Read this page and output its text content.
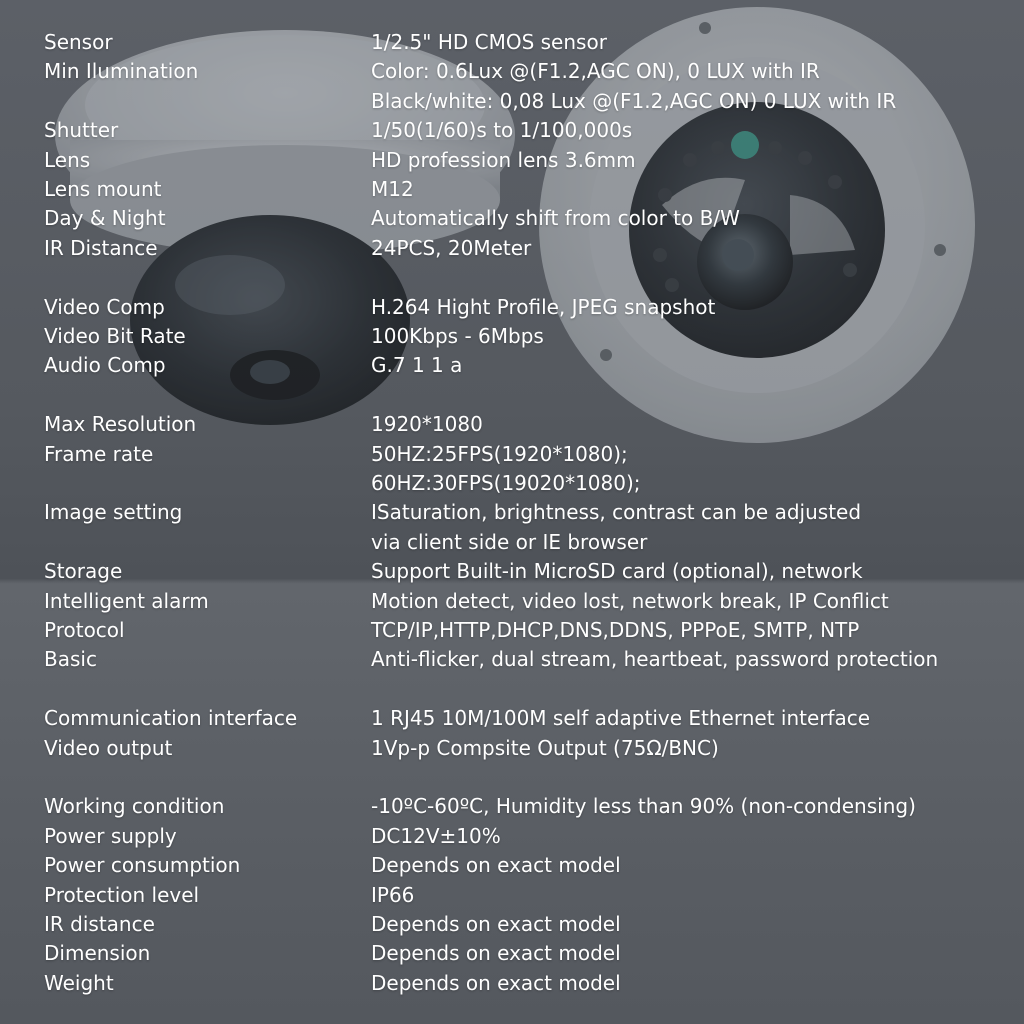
Sensor	1/2.5" HD CMOS sensor
Min Ilumination	Color: 0.6Lux @(F1.2,AGC ON), 0 LUX with IR
Black/white: 0,08 Lux @(F1.2,AGC ON) 0 LUX with IR
Shutter	1/50(1/60)s to 1/100,000s
Lens	HD profession lens 3.6mm
Lens mount	M12
Day & Night	Automatically shift from color to B/W
IR Distance	24PCS, 20Meter
Video Comp	H.264 Hight Profile, JPEG snapshot
Video Bit Rate	100Kbps - 6Mbps
Audio Comp	G.7 1 1 a
Max Resolution	1920*1080
Frame rate	50HZ:25FPS(1920*1080);
60HZ:30FPS(19020*1080);
Image setting	ISaturation, brightness, contrast can be adjusted
via client side or IE browser
Storage	Support Built-in MicroSD card (optional), network
Intelligent alarm	Motion detect, video lost, network break, IP Conflict
Protocol	TCP/IP,HTTP,DHCP,DNS,DDNS, PPPoE, SMTP, NTP
Basic	Anti-flicker, dual stream, heartbeat, password protection
Communication interface	1 RJ45 10M/100M self adaptive Ethernet interface
Video output	1Vp-p Compsite Output (75Ω/BNC)
Working condition	-10ºC-60ºC, Humidity less than 90% (non-condensing)
Power supply	DC12V±10%
Power consumption	Depends on exact model
Protection level	IP66
IR distance	Depends on exact model
Dimension	Depends on exact model
Weight	Depends on exact model
